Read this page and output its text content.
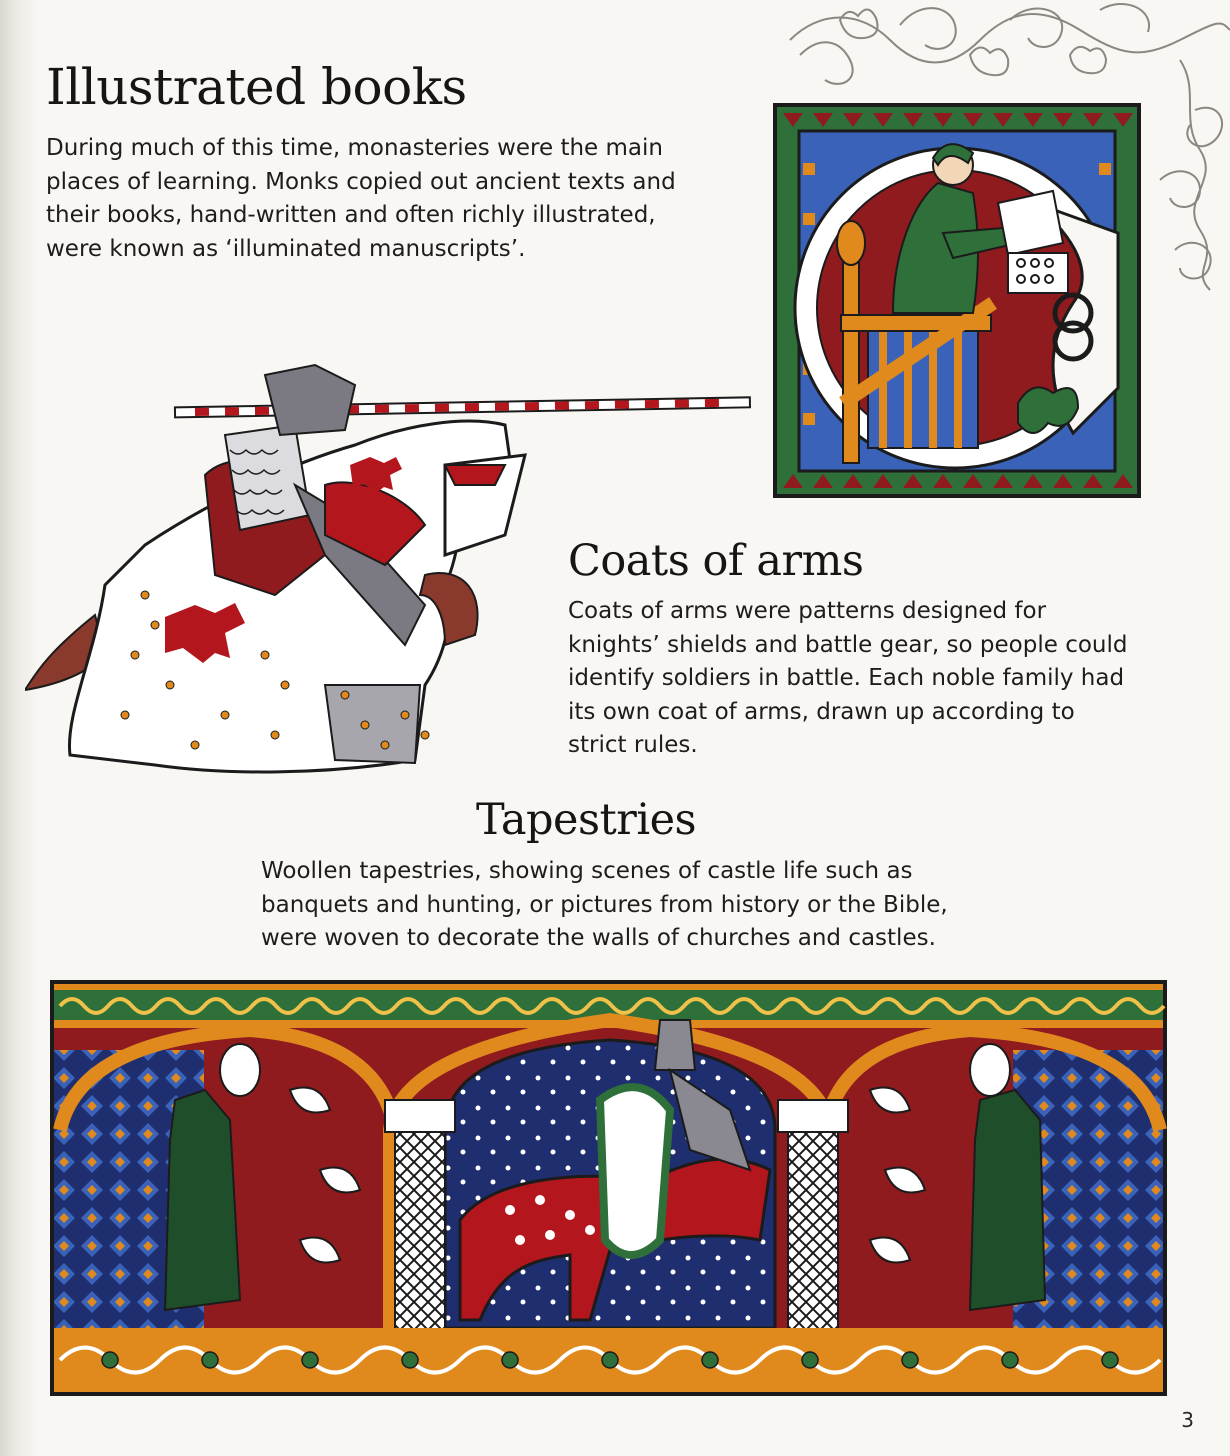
Illustrated books

During much of this time, monasteries were the main places of learning. Monks copied out ancient texts and their books, hand-written and often richly illustrated, were known as ‘illuminated manuscripts’.

Coats of arms

Coats of arms were patterns designed for knights’ shields and battle gear, so people could identify soldiers in battle. Each noble family had its own coat of arms, drawn up according to strict rules.

Tapestries

Woollen tapestries, showing scenes of castle life such as banquets and hunting, or pictures from history or the Bible, were woven to decorate the walls of churches and castles.

3
